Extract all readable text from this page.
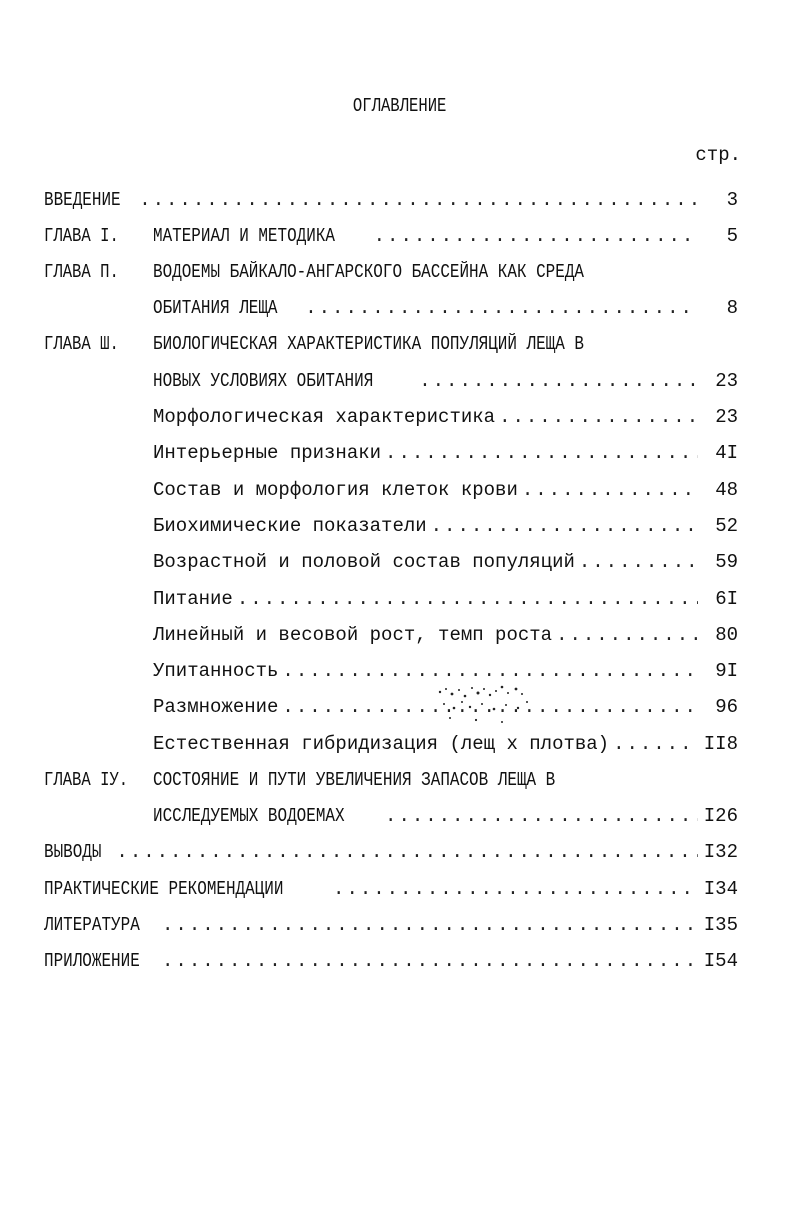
ОГЛАВЛЕНИЕ
стр.
ВВЕДЕНИЕ .....	3
ГЛАВА I. МАТЕРИАЛ И МЕТОДИКА .....	5
ГЛАВА П. ВОДОЕМЫ БАЙКАЛО-АНГАРСКОГО БАССЕЙНА КАК СРЕДА
ОБИТАНИЯ ЛЕЩА .....	8
ГЛАВА Ш. БИОЛОГИЧЕСКАЯ ХАРАКТЕРИСТИКА ПОПУЛЯЦИЙ ЛЕЩА В
НОВЫХ УСЛОВИЯХ ОБИТАНИЯ .....	23
Морфологическая характеристика .....	23
Интерьерные признаки .....	4I
Состав и морфология клеток крови .....	48
Биохимические показатели .....	52
Возрастной и половой состав популяций .....	59
Питание .....	6I
Линейный и весовой рост, темп роста .....	80
Упитанность .....	9I
Размножение .....	96
Естественная гибридизация (лещ х плотва) .....	II8
ГЛАВА IУ. СОСТОЯНИЕ И ПУТИ УВЕЛИЧЕНИЯ ЗАПАСОВ ЛЕЩА В
ИССЛЕДУЕМЫХ ВОДОЕМАХ .....	I26
ВЫВОДЫ .....	I32
ПРАКТИЧЕСКИЕ РЕКОМЕНДАЦИИ .....	I34
ЛИТЕРАТУРА .....	I35
ПРИЛОЖЕНИЕ .....	I54
